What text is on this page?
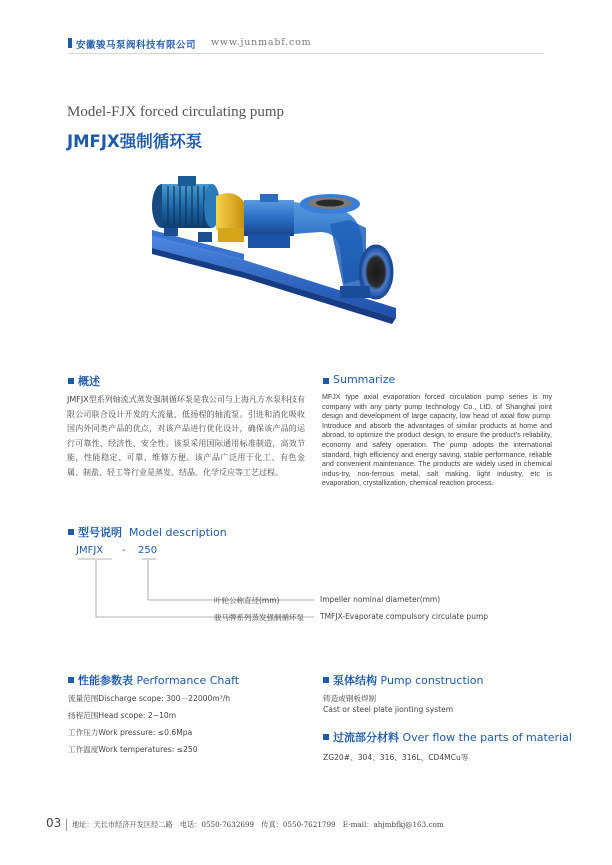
安徽骏马泵阀科技有限公司 www.junmabf.com
Model-FJX forced circulating pump
JMFJX强制循环泵
概述
JMFJX型系列轴流式蒸发强制循环泵是我公司与上海凡方水泵科技有限公司联合设计开发的大流量、低扬程的轴流泵。引进和消化吸收国内外同类产品的优点，对该产品进行优化设计，确保该产品的运行可靠性、经济性、安全性。该泵采用国际通用标准制造，高效节能，性能稳定、可靠、维修方便。该产品广泛用于化工、有色金属、制盐、轻工等行业是蒸发、结晶、化学反应等工艺过程。
Summarize
MFJX type axial evaporation forced circulation pump series is my company with any party pump technology Co., LtD. of Shanghai joint design and development of large capacity, low head of axial flow pump. Introduce and absorb the advantages of similar products at home and abroad, to optimize the product design, to ensure the product's reliability, economy and safety operation. The pump adopts the international standard, high efficiency and energy saving, stable performance, reliable and convenient maintenance. The products are widely used in chemical indus-try, non-ferrous metal, salt making, light industry, etc is evaporation, crystallization, chemical reaction process.
型号说明 Model description
JMFJX - 250
叶轮公称直径(mm)	Impeller nominal diameter(mm)
骏马牌系列蒸发强制循环泵 TMFJX-Evaporate compulsory circulate pump
性能参数表 Performance Chaft
流量范围Discharge scope: 300－22000m³/h
扬程范围Head scope: 2~10m
工作压力Work pressure: ≤0.6Mpa
工作温度Work temperatures: ≤250
泵体结构 Pump construction
铸造或钢板焊制
Cast or steel plate jionting system
过流部分材料 Over flow the parts of material
ZG20#、304、316、316L、CD4MCu等
03 地址：天长市经济开发区经二路　电话：0550-7632699　传真：0550-7621799　E-mail：ahjmbfkj@163.com
